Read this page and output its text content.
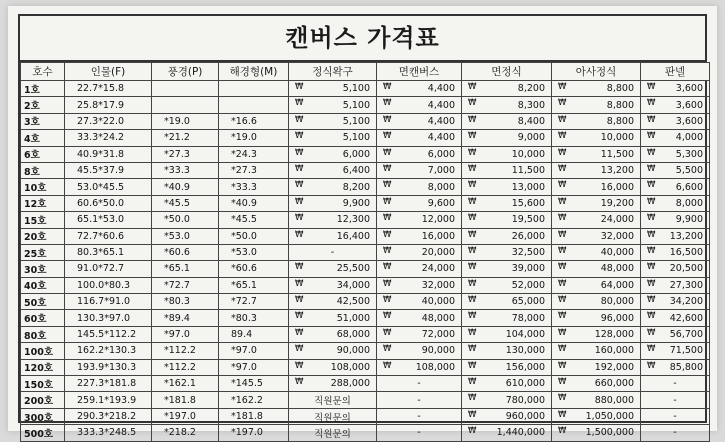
캔버스 가격표
호수	인물(F)	풍경(P)	해경형(M)	정식왁구	면캔버스	면정식	아사정식	판넬
1호	22.7*15.8			₩ 5,100	₩ 4,400	₩ 8,200	₩ 8,800	₩ 3,600
2호	25.8*17.9			₩ 5,100	₩ 4,400	₩ 8,300	₩ 8,800	₩ 3,600
3호	27.3*22.0	*19.0	*16.6	₩ 5,100	₩ 4,400	₩ 8,400	₩ 8,800	₩ 3,600
4호	33.3*24.2	*21.2	*19.0	₩ 5,100	₩ 4,400	₩ 9,000	₩ 10,000	₩ 4,000
6호	40.9*31.8	*27.3	*24.3	₩ 6,000	₩ 6,000	₩ 10,000	₩ 11,500	₩ 5,300
8호	45.5*37.9	*33.3	*27.3	₩ 6,400	₩ 7,000	₩ 11,500	₩ 13,200	₩ 5,500
10호	53.0*45.5	*40.9	*33.3	₩ 8,200	₩ 8,000	₩ 13,000	₩ 16,000	₩ 6,600
12호	60.6*50.0	*45.5	*40.9	₩ 9,900	₩ 9,600	₩ 15,600	₩ 19,200	₩ 8,000
15호	65.1*53.0	*50.0	*45.5	₩ 12,300	₩ 12,000	₩ 19,500	₩ 24,000	₩ 9,900
20호	72.7*60.6	*53.0	*50.0	₩ 16,400	₩ 16,000	₩ 26,000	₩ 32,000	₩ 13,200
25호	80.3*65.1	*60.6	*53.0	-	₩ 20,000	₩ 32,500	₩ 40,000	₩ 16,500
30호	91.0*72.7	*65.1	*60.6	₩ 25,500	₩ 24,000	₩ 39,000	₩ 48,000	₩ 20,500
40호	100.0*80.3	*72.7	*65.1	₩ 34,000	₩ 32,000	₩ 52,000	₩ 64,000	₩ 27,300
50호	116.7*91.0	*80.3	*72.7	₩ 42,500	₩ 40,000	₩ 65,000	₩ 80,000	₩ 34,200
60호	130.3*97.0	*89.4	*80.3	₩ 51,000	₩ 48,000	₩ 78,000	₩ 96,000	₩ 42,600
80호	145.5*112.2	*97.0	89.4	₩ 68,000	₩ 72,000	₩ 104,000	₩ 128,000	₩ 56,700
100호	162.2*130.3	*112.2	*97.0	₩ 90,000	₩ 90,000	₩ 130,000	₩ 160,000	₩ 71,500
120호	193.9*130.3	*112.2	*97.0	₩ 108,000	₩ 108,000	₩ 156,000	₩ 192,000	₩ 85,800
150호	227.3*181.8	*162.1	*145.5	₩ 288,000	-	₩ 610,000	₩ 660,000	-
200호	259.1*193.9	*181.8	*162.2	직원문의	-	₩ 780,000	₩ 880,000	-
300호	290.3*218.2	*197.0	*181.8	직원문의	-	₩ 960,000	₩ 1,050,000	-
500호	333.3*248.5	*218.2	*197.0	직원문의	-	₩ 1,440,000	₩ 1,500,000	-
